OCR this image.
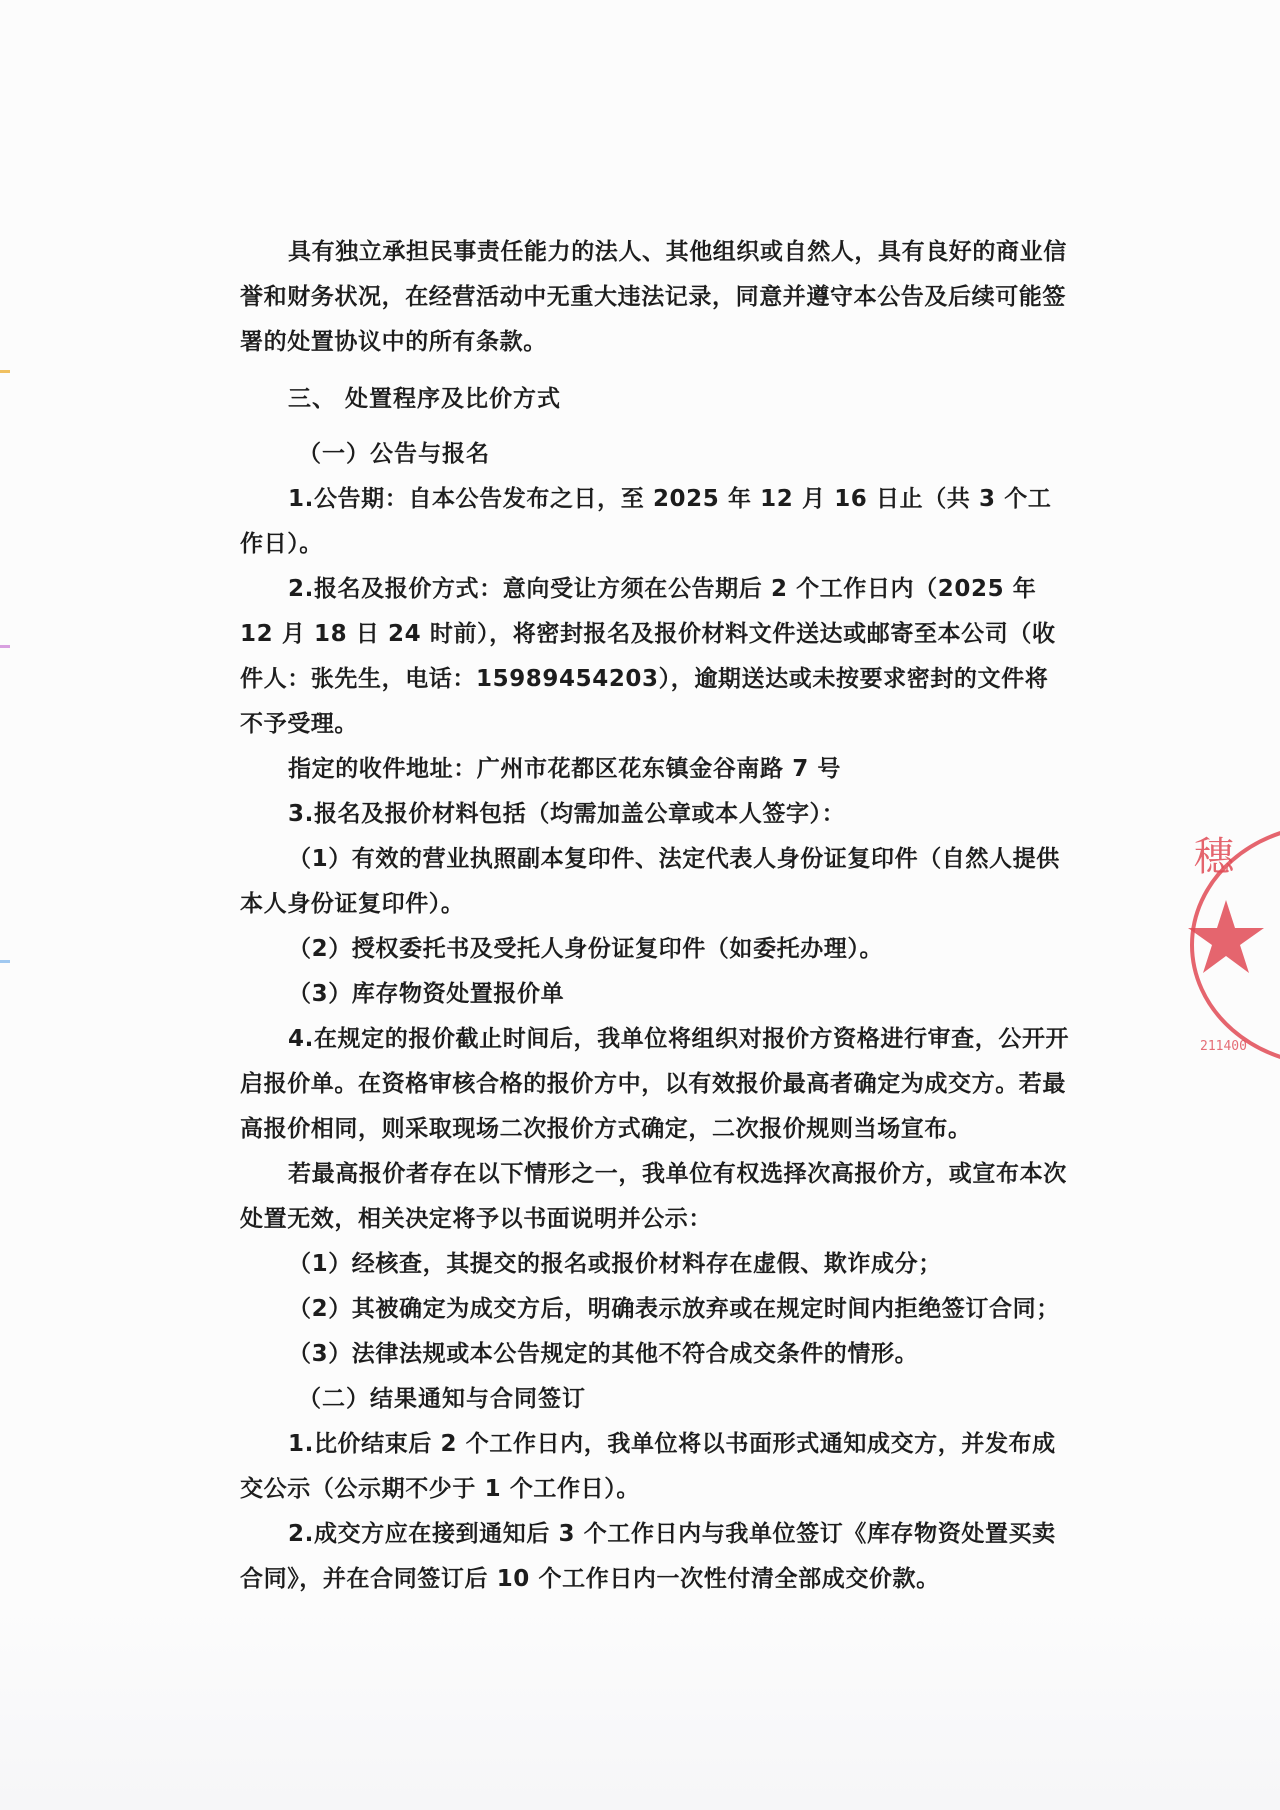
具有独立承担民事责任能力的法人、其他组织或自然人，具有良好的商业信誉和财务状况，在经营活动中无重大违法记录，同意并遵守本公告及后续可能签署的处置协议中的所有条款。

三、 处置程序及比价方式
（一）公告与报名

1.公告期：自本公告发布之日，至 2025 年 12 月 16 日止（共 3 个工作日）。

2.报名及报价方式：意向受让方须在公告期后 2 个工作日内（2025 年 12 月 18 日 24 时前），将密封报名及报价材料文件送达或邮寄至本公司（收件人：张先生，电话：15989454203），逾期送达或未按要求密封的文件将不予受理。

指定的收件地址：广州市花都区花东镇金谷南路 7 号

3.报名及报价材料包括（均需加盖公章或本人签字）：

（1）有效的营业执照副本复印件、法定代表人身份证复印件（自然人提供本人身份证复印件）。

（2）授权委托书及受托人身份证复印件（如委托办理）。

（3）库存物资处置报价单

4.在规定的报价截止时间后，我单位将组织对报价方资格进行审查，公开开启报价单。在资格审核合格的报价方中，以有效报价最高者确定为成交方。若最高报价相同，则采取现场二次报价方式确定，二次报价规则当场宣布。

若最高报价者存在以下情形之一，我单位有权选择次高报价方，或宣布本次处置无效，相关决定将予以书面说明并公示：

（1）经核查，其提交的报名或报价材料存在虚假、欺诈成分；

（2）其被确定为成交方后，明确表示放弃或在规定时间内拒绝签订合同；

（3）法律法规或本公告规定的其他不符合成交条件的情形。

（二）结果通知与合同签订

1.比价结束后 2 个工作日内，我单位将以书面形式通知成交方，并发布成交公示（公示期不少于 1 个工作日）。

2.成交方应在接到通知后 3 个工作日内与我单位签订《库存物资处置买卖合同》，并在合同签订后 10 个工作日内一次性付清全部成交价款。

穗
211400
